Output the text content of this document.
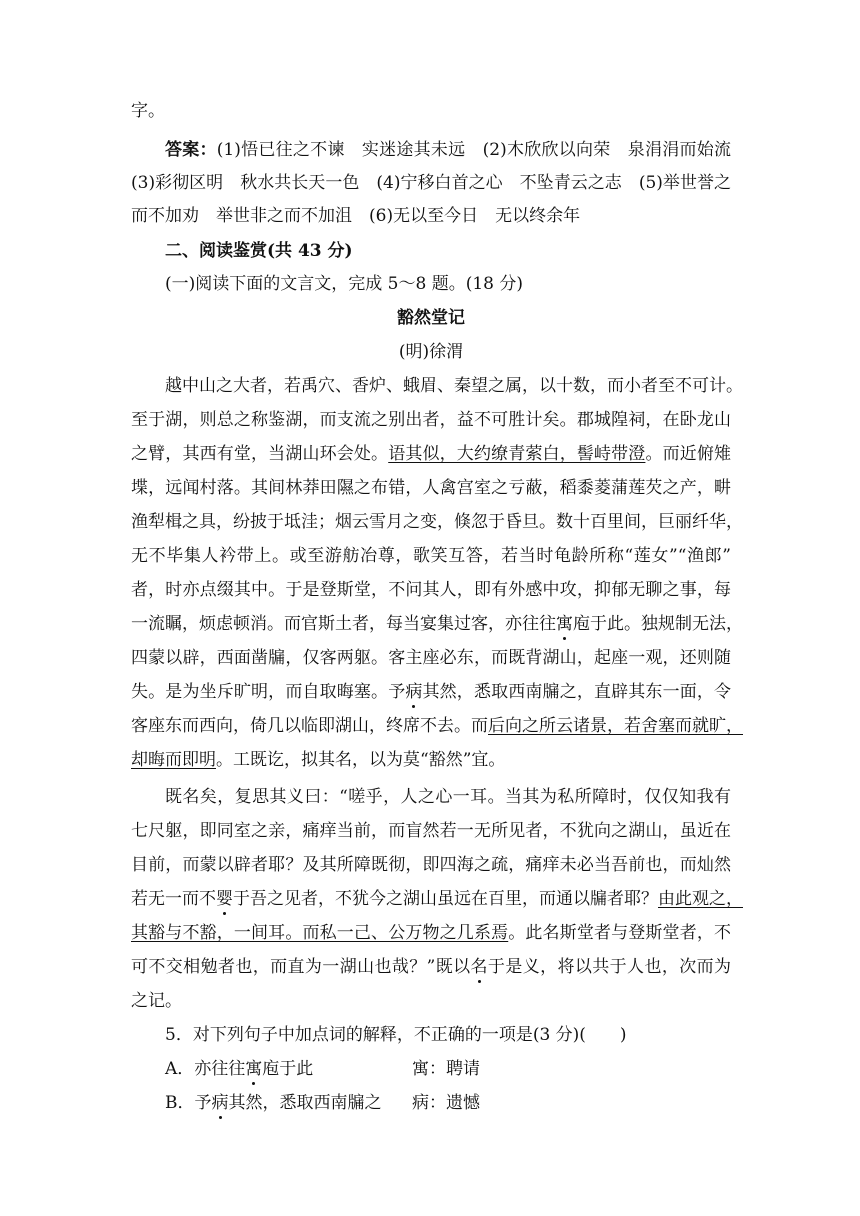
字。
答案：(1)悟已往之不谏　实迷途其未远　(2)木欣欣以向荣　泉涓涓而始流
(3)彩彻区明　秋水共长天一色　(4)宁移白首之心　不坠青云之志　(5)举世誉之
而不加劝　举世非之而不加沮　(6)无以至今日　无以终余年
二、阅读鉴赏(共 43 分)
(一)阅读下面的文言文，完成 5～8 题。(18 分)
豁然堂记
(明)徐渭
越中山之大者，若禹穴、香炉、蛾眉、秦望之属，以十数，而小者至不可计。
至于湖，则总之称鉴湖，而支流之别出者，益不可胜计矣。郡城隍祠，在卧龙山
之臂，其西有堂，当湖山环会处。语其似，大约缭青萦白，髻峙带澄。而近俯雉
堞，远闻村落。其间林莽田隰之布错，人禽宫室之亏蔽，稻黍菱蒲莲芡之产，畊
渔犁楫之具，纷披于坻洼；烟云雪月之变，倏忽于昏旦。数十百里间，巨丽纤华，
无不毕集人衿带上。或至游舫冶尊，歌笑互答，若当时龟龄所称“莲女”“渔郎”
者，时亦点缀其中。于是登斯堂，不问其人，即有外感中攻，抑郁无聊之事，每
一流瞩，烦虑顿消。而官斯土者，每当宴集过客，亦往往寓庖于此。独规制无法，
四蒙以辟，西面凿牖，仅客两躯。客主座必东，而既背湖山，起座一观，还则随
失。是为坐斥旷明，而自取晦塞。予病其然，悉取西南牖之，直辟其东一面，令
客座东而西向，倚几以临即湖山，终席不去。而后向之所云诸景，若舍塞而就旷，
却晦而即明。工既讫，拟其名，以为莫“豁然”宜。
既名矣，复思其义曰：“嗟乎，人之心一耳。当其为私所障时，仅仅知我有
七尺躯，即同室之亲，痛痒当前，而盲然若一无所见者，不犹向之湖山，虽近在
目前，而蒙以辟者耶？及其所障既彻，即四海之疏，痛痒未必当吾前也，而灿然
若无一而不婴于吾之见者，不犹今之湖山虽远在百里，而通以牖者耶？由此观之，
其豁与不豁，一间耳。而私一己、公万物之几系焉。此名斯堂者与登斯堂者，不
可不交相勉者也，而直为一湖山也哉？”既以名于是义，将以共于人也，次而为
之记。
5．对下列句子中加点词的解释，不正确的一项是(3 分)(　　)
A．亦往往寓庖于此	寓：聘请
B．予病其然，悉取西南牖之 病：遗憾
